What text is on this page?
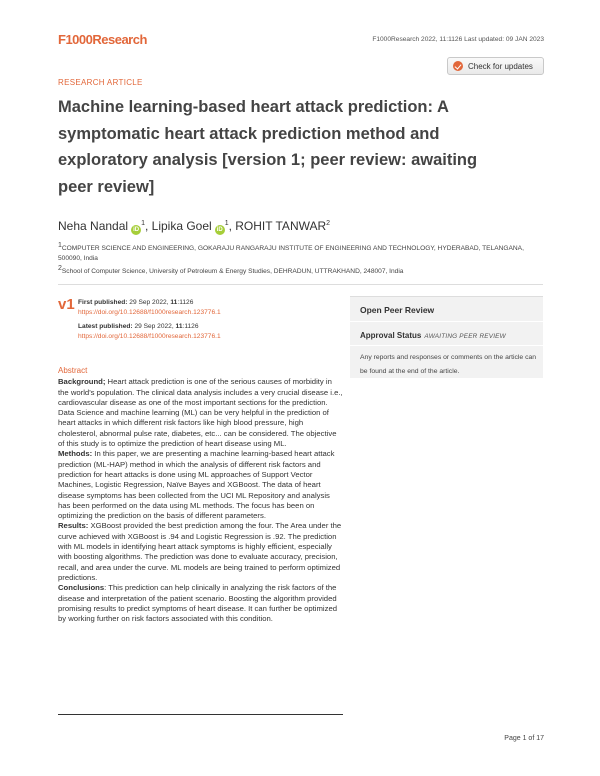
F1000Research	F1000Research 2022, 11:1126 Last updated: 09 JAN 2023
RESEARCH ARTICLE
Check for updates
Machine learning-based heart attack prediction: A symptomatic heart attack prediction method and exploratory analysis [version 1; peer review: awaiting peer review]
Neha Nandal $iD^1$, Lipika Goel $iD^1$, ROHIT TANWAR$^2$
$^1$COMPUTER SCIENCE AND ENGINEERING, GOKARAJU RANGARAJU INSTITUTE OF ENGINEERING AND TECHNOLOGY, HYDERABAD, TELANGANA, 500090, India
$^2$School of Computer Science, University of Petroleum & Energy Studies, DEHRADUN, UTTRAKHAND, 248007, India
v1 First published: 29 Sep 2022, 11:1126
https://doi.org/10.12688/f1000research.123776.1
Latest published: 29 Sep 2022, 11:1126
https://doi.org/10.12688/f1000research.123776.1
Abstract

Background; Heart attack prediction is one of the serious causes of morbidity in the world's population. The clinical data analysis includes a very crucial disease i.e., cardiovascular disease as one of the most important sections for the prediction. Data Science and machine learning (ML) can be very helpful in the prediction of heart attacks in which different risk factors like high blood pressure, high cholesterol, abnormal pulse rate, diabetes, etc... can be considered. The objective of this study is to optimize the prediction of heart disease using ML.
Methods: In this paper, we are presenting a machine learning-based heart attack prediction (ML-HAP) method in which the analysis of different risk factors and prediction for heart attacks is done using ML approaches of Support Vector Machines, Logistic Regression, Naïve Bayes and XGBoost. The data of heart disease symptoms has been collected from the UCI ML Repository and analysis has been performed on the data using ML methods. The focus has been on optimizing the prediction on the basis of different parameters.
Results: XGBoost provided the best prediction among the four. The Area under the curve achieved with XGBoost is .94 and Logistic Regression is .92. The prediction with ML models in identifying heart attack symptoms is highly efficient, especially with boosting algorithms. The prediction was done to evaluate accuracy, precision, recall, and area under the curve. ML models are being trained to perform optimized predictions.
Conclusions: This prediction can help clinically in analyzing the risk factors of the disease and interpretation of the patient scenario. Boosting the algorithm provided promising results to predict symptoms of heart disease. It can further be optimized by working further on risk factors associated with this condition.

Open Peer Review
Approval Status AWAITING PEER REVIEW
Any reports and responses or comments on the article can be found at the end of the article.
Page 1 of 17
